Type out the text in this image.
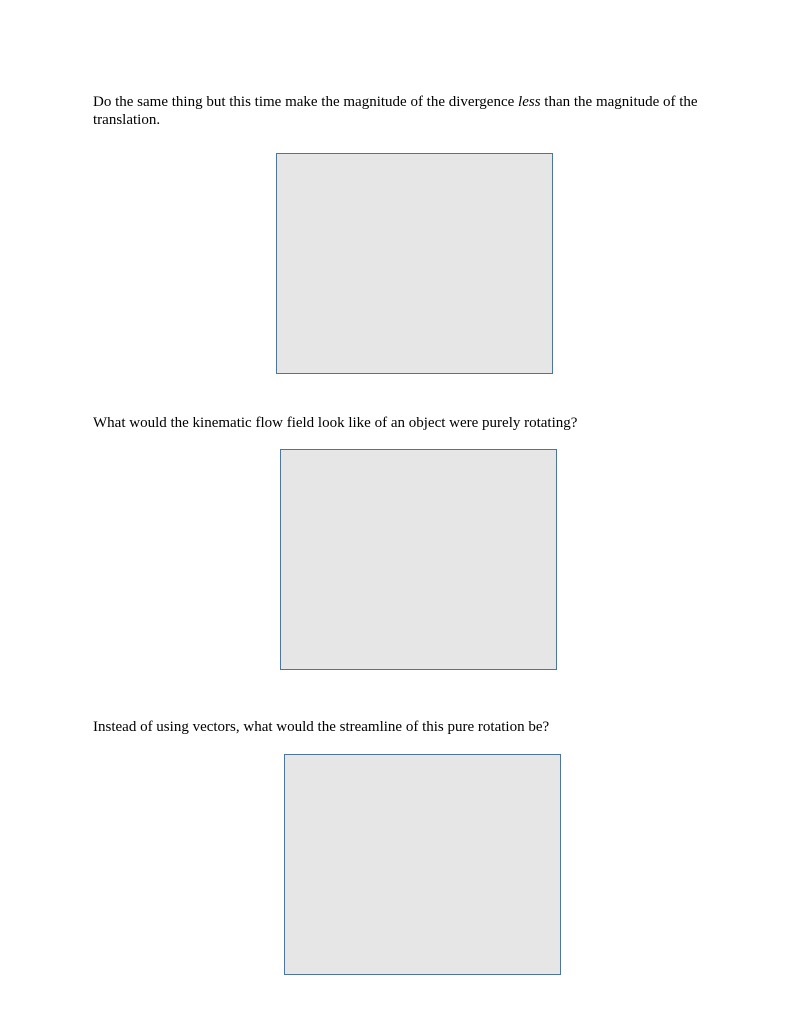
Do the same thing but this time make the magnitude of the divergence less than the magnitude of the translation.

What would the kinematic flow field look like of an object were purely rotating?

Instead of using vectors, what would the streamline of this pure rotation be?
